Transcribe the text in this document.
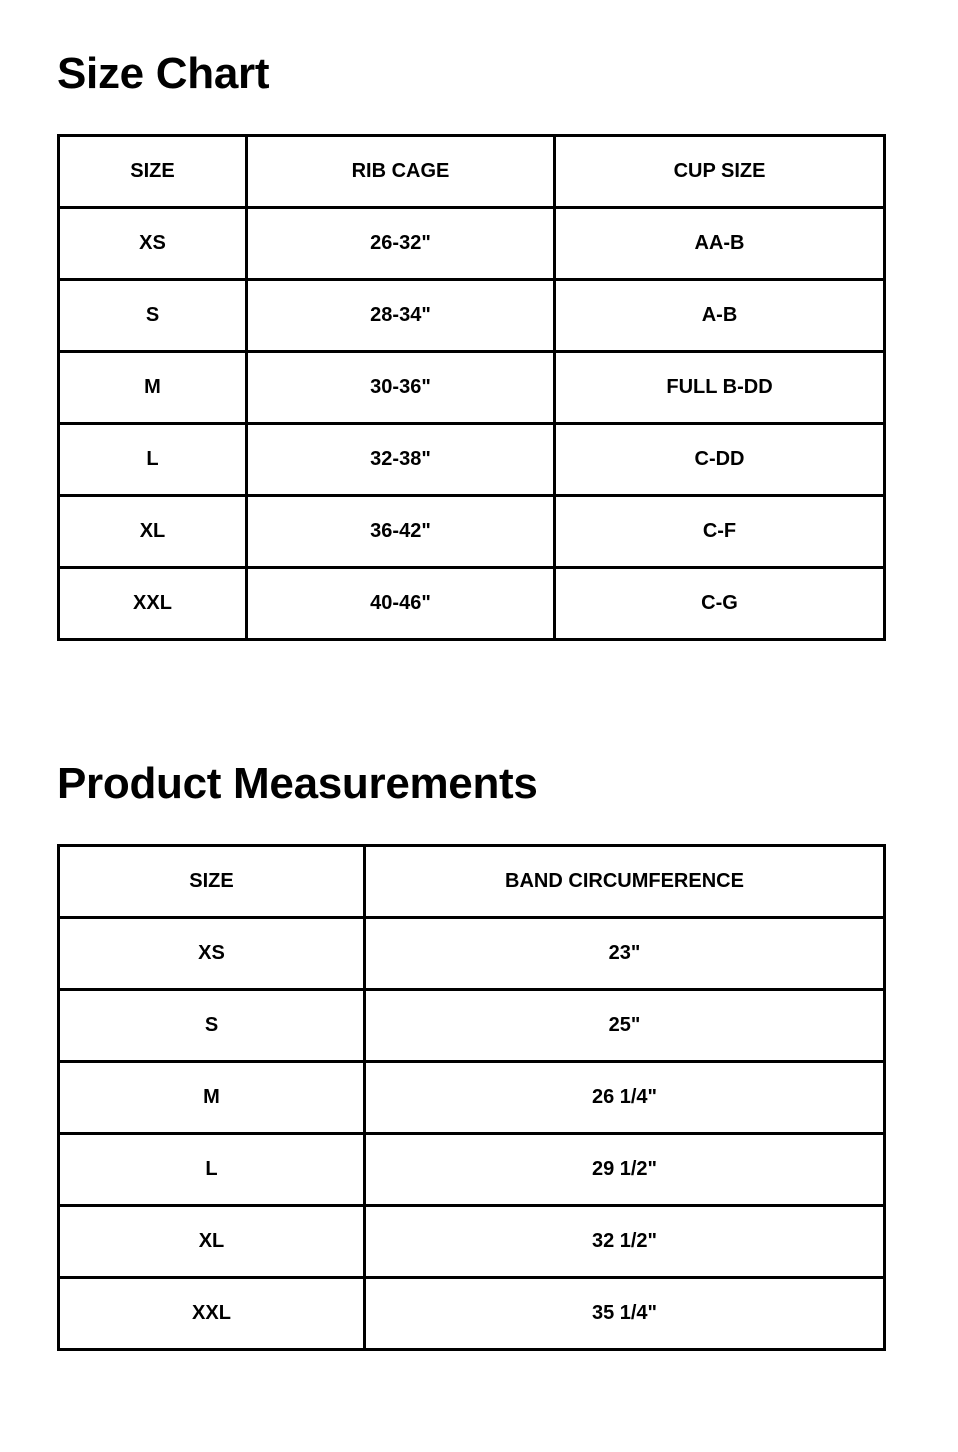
Size Chart
SIZE	RIB CAGE	CUP SIZE
XS	26-32"	AA-B
S	28-34"	A-B
M	30-36"	FULL B-DD
L	32-38"	C-DD
XL	36-42"	C-F
XXL	40-46"	C-G
Product Measurements
SIZE	BAND CIRCUMFERENCE
XS	23"
S	25"
M	26 1/4"
L	29 1/2"
XL	32 1/2"
XXL	35 1/4"
